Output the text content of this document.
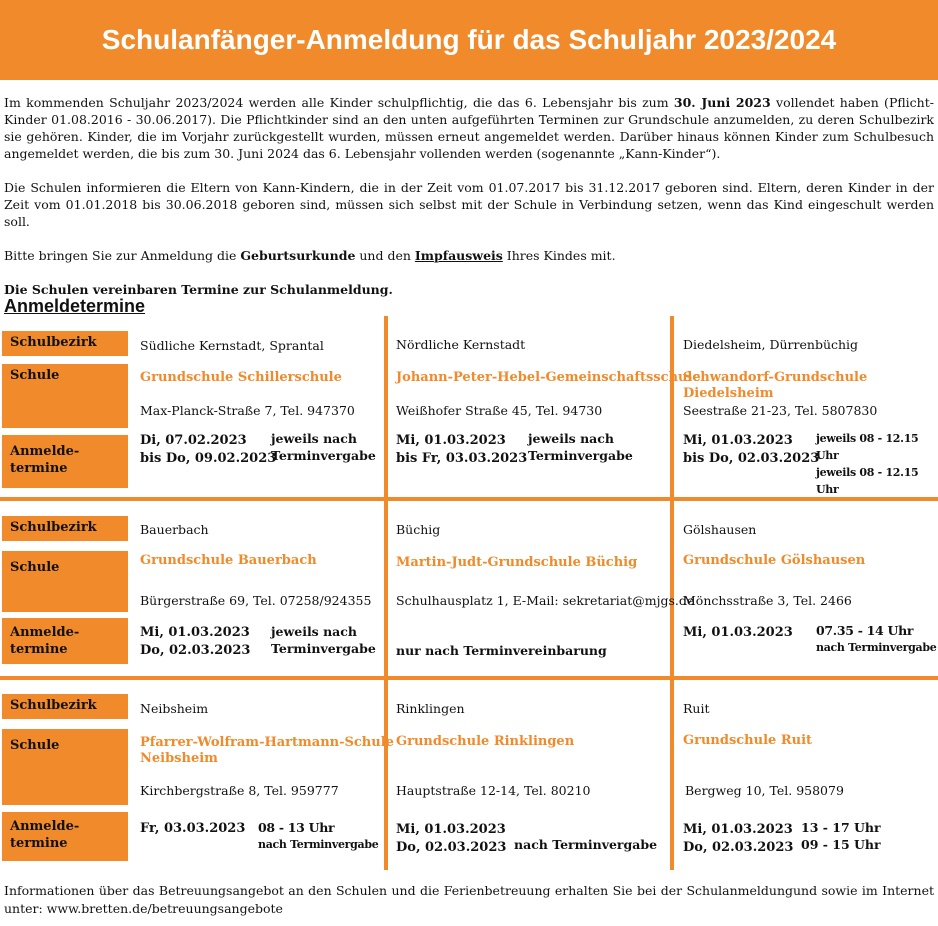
Schulanfänger-Anmeldung für das Schuljahr 2023/2024

Im kommenden Schuljahr 2023/2024 werden alle Kinder schulpflichtig, die das 6. Lebensjahr bis zum 30. Juni 2023 vollendet haben (Pflicht-Kinder 01.08.2016 - 30.06.2017). Die Pflichtkinder sind an den unten aufgeführten Terminen zur Grundschule anzumelden, zu deren Schulbezirk sie gehören. Kinder, die im Vorjahr zurückgestellt wurden, müssen erneut angemeldet werden. Darüber hinaus können Kinder zum Schulbesuch angemeldet werden, die bis zum 30. Juni 2024 das 6. Lebensjahr vollenden werden (sogenannte „Kann-Kinder“).

Die Schulen informieren die Eltern von Kann-Kindern, die in der Zeit vom 01.07.2017 bis 31.12.2017 geboren sind. Eltern, deren Kinder in der Zeit vom 01.01.2018 bis 30.06.2018 geboren sind, müssen sich selbst mit der Schule in Verbindung setzen, wenn das Kind eingeschult werden soll.

Bitte bringen Sie zur Anmeldung die Geburtsurkunde und den Impfausweis Ihres Kindes mit.

Die Schulen vereinbaren Termine zur Schulanmeldung.

Anmeldetermine
Schulbezirk
Schule
Anmelde-
termine
Südliche Kernstadt, Sprantal
Grundschule Schillerschule
Max-Planck-Straße 7, Tel. 947370
Di, 07.02.2023
bis Do, 09.02.2023
jeweils nach
Terminvergabe
Nördliche Kernstadt
Johann-Peter-Hebel-Gemeinschaftsschule
Weißhofer Straße 45, Tel. 94730
Mi, 01.03.2023
bis Fr, 03.03.2023
jeweils nach
Terminvergabe
Diedelsheim, Dürrenbüchig
Schwandorf-Grundschule Diedelsheim
Seestraße 21-23, Tel. 5807830
Mi, 01.03.2023
bis Do, 02.03.2023
jeweils 08 - 12.15 Uhr
jeweils 08 - 12.15 Uhr
Schulbezirk
Schule
Anmelde-
termine
Bauerbach
Grundschule Bauerbach
Bürgerstraße 69, Tel. 07258/924355
Mi, 01.03.2023
Do, 02.03.2023
jeweils nach
Terminvergabe
Büchig
Martin-Judt-Grundschule Büchig
Schulhausplatz 1, E-Mail: sekretariat@mjgs.de
nur nach Terminvereinbarung
Gölshausen
Grundschule Gölshausen
Mönchsstraße 3, Tel. 2466
Mi, 01.03.2023 07.35 - 14 Uhr
nach Terminvergabe
Schulbezirk
Schule
Anmelde-
termine
Neibsheim
Pfarrer-Wolfram-Hartmann-Schule
Neibsheim
Kirchbergstraße 8, Tel. 959777
Fr, 03.03.2023 08 - 13 Uhr
nach Terminvergabe
Rinklingen
Grundschule Rinklingen
Hauptstraße 12-14, Tel. 80210
Mi, 01.03.2023
Do, 02.03.2023 nach Terminvergabe
Ruit
Grundschule Ruit
Bergweg 10, Tel. 958079
Mi, 01.03.2023
Do, 02.03.2023
13 - 17 Uhr
09 - 15 Uhr
Informationen über das Betreuungsangebot an den Schulen und die Ferienbetreuung erhalten Sie bei der Schulanmeldungund sowie im Internet unter: www.bretten.de/betreuungsangebote
